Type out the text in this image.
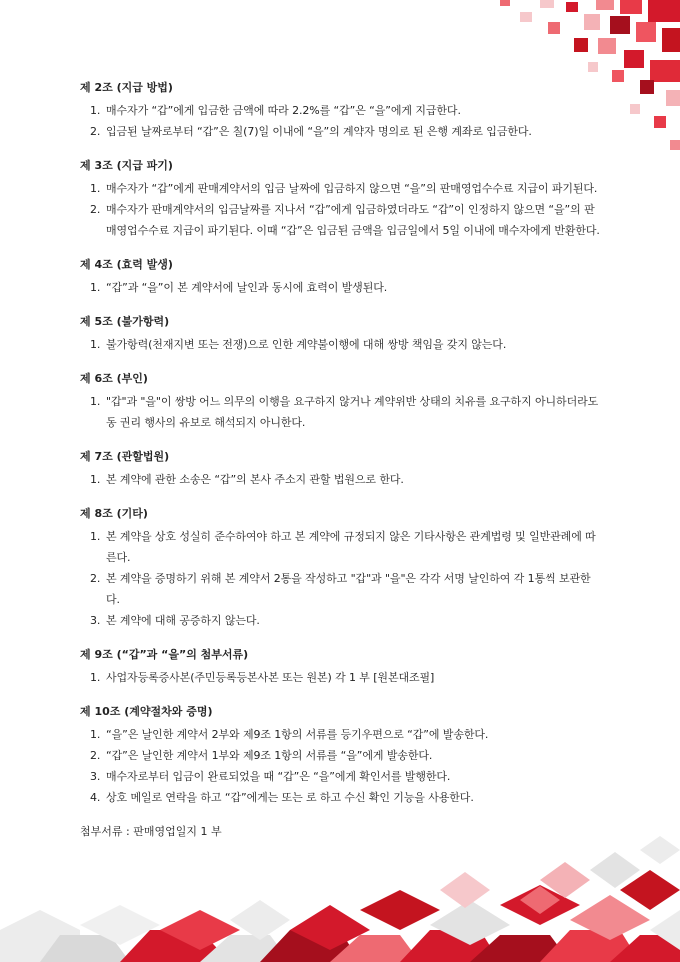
제 2조 (지급 방법)
1. 매수자가 “갑”에게 입금한 금액에 따라 2.2%를 “갑”은 “을”에게 지급한다.
2. 입금된 날짜로부터 “갑”은 칠(7)일 이내에 “을”의 계약자 명의로 된 은행 계좌로 입금한다.
제 3조 (지급 파기)
1. 매수자가 “갑”에게 판매계약서의 입금 날짜에 입금하지 않으면 “을”의 판매영업수수료 지급이 파기된다.
2. 매수자가 판매계약서의 입금날짜를 지나서 “갑”에게 입금하였더라도 “갑”이 인정하지 않으면 “을”의 판매영업수수료 지급이 파기된다. 이때 “갑”은 입금된 금액을 입금일에서 5일 이내에 매수자에게 반환한다.
제 4조 (효력 발생)
1. “갑”과 “을”이 본 계약서에 날인과 동시에 효력이 발생된다.
제 5조 (불가항력)
1. 불가항력(천재지변 또는 전쟁)으로 인한 계약불이행에 대해 쌍방 책임을 갖지 않는다.
제 6조 (부인)
1. "갑"과 "을"이 쌍방 어느 의무의 이행을 요구하지 않거나 계약위반 상태의 치유를 요구하지 아니하더라도 동 권리 행사의 유보로 해석되지 아니한다.
제 7조 (관할법원)
1. 본 계약에 관한 소송은 “갑”의 본사 주소지 관할 법원으로 한다.
제 8조 (기타)
1. 본 계약을 상호 성실히 준수하여야 하고 본 계약에 규정되지 않은 기타사항은 관계법령 및 일반관례에 따른다.
2. 본 계약을 증명하기 위해 본 계약서 2통을 작성하고 "갑"과 "을"은 각각 서명 날인하여 각 1통씩 보관한다.
3. 본 계약에 대해 공증하지 않는다.
제 9조 (“갑”과 “을”의 첨부서류)
1. 사업자등록증사본(주민등록등본사본 또는 원본) 각 1 부 [원본대조필]
제 10조 (계약절차와 증명)
1. “을”은 날인한 계약서 2부와 제9조 1항의 서류를 등기우편으로 “갑”에 발송한다.
2. “갑”은 날인한 계약서 1부와 제9조 1항의 서류를 “을”에게 발송한다.
3. 매수자로부터 입금이 완료되었을 때 “갑”은 “을”에게 확인서를 발행한다.
4. 상호 메일로 연락을 하고 “갑”에게는 또는 로 하고 수신 확인 기능을 사용한다.
첨부서류 : 판매영업일지 1 부
